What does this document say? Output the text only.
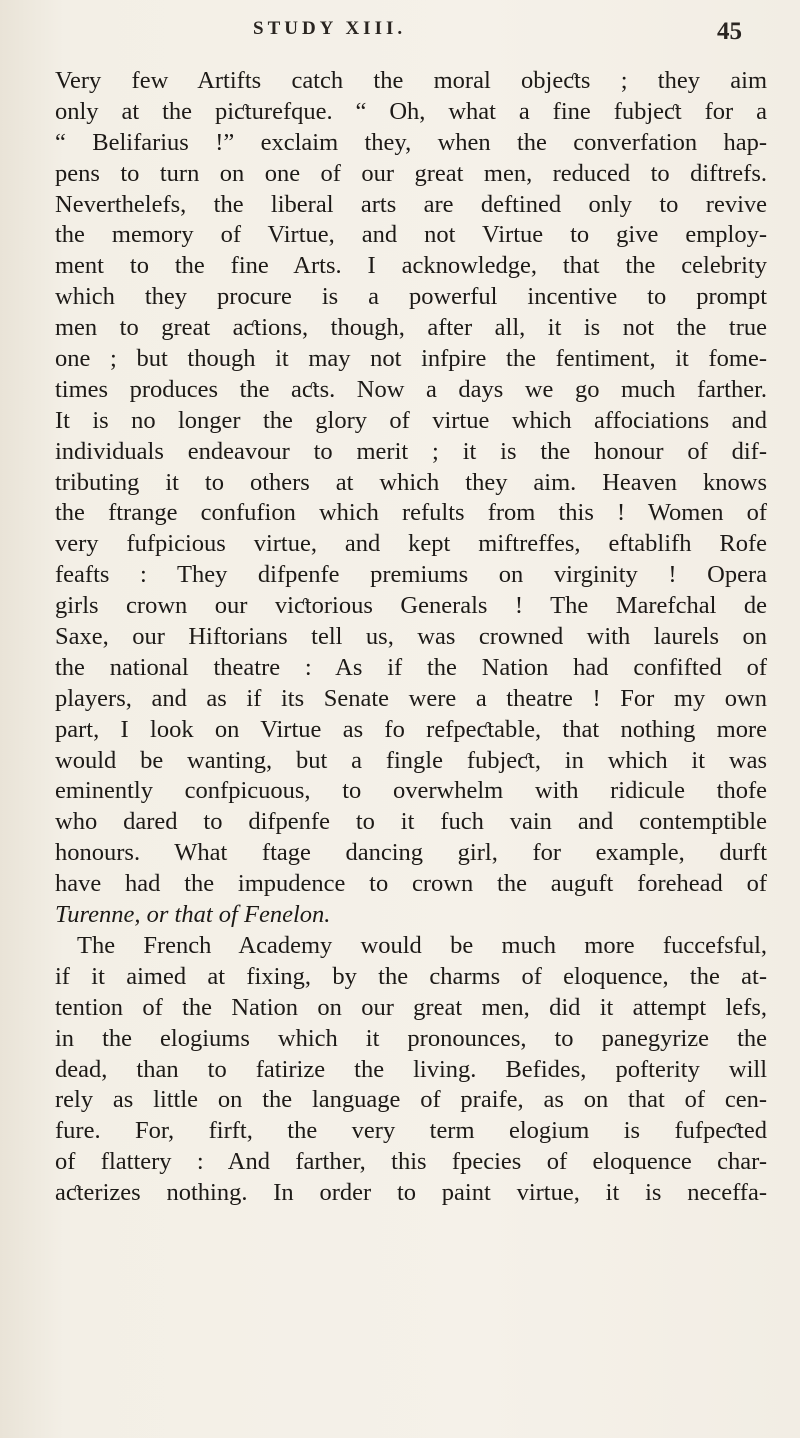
STUDY XIII.	45
Very few Artifts catch the moral objeƈts ; they aim
only at the piƈturefque. “ Oh, what a fine fubjeƈt for a
“ Belifarius !” exclaim they, when the converfation hap-
pens to turn on one of our great men, reduced to diftrefs.
Neverthelefs, the liberal arts are deftined only to revive
the memory of Virtue, and not Virtue to give employ-
ment to the fine Arts. I acknowledge, that the celebrity
which they procure is a powerful incentive to prompt
men to great aƈtions, though, after all, it is not the true
one ; but though it may not infpire the fentiment, it fome-
times produces the aƈts. Now a days we go much farther.
It is no longer the glory of virtue which affociations and
individuals endeavour to merit ; it is the honour of dif-
tributing it to others at which they aim. Heaven knows
the ftrange confufion which refults from this ! Women of
very fufpicious virtue, and kept miftreffes, eftablifh Rofe
feafts : They difpenfe premiums on virginity ! Opera
girls crown our viƈtorious Generals ! The Marefchal de
Saxe, our Hiftorians tell us, was crowned with laurels on
the national theatre : As if the Nation had confifted of
players, and as if its Senate were a theatre ! For my own
part, I look on Virtue as fo refpeƈtable, that nothing more
would be wanting, but a fingle fubjeƈt, in which it was
eminently confpicuous, to overwhelm with ridicule thofe
who dared to difpenfe to it fuch vain and contemptible
honours. What ftage dancing girl, for example, durft
have had the impudence to crown the auguft forehead of
Turenne, or that of Fenelon.
The French Academy would be much more fuccefsful,
if it aimed at fixing, by the charms of eloquence, the at-
tention of the Nation on our great men, did it attempt lefs,
in the elogiums which it pronounces, to panegyrize the
dead, than to fatirize the living. Befides, pofterity will
rely as little on the language of praife, as on that of cen-
fure. For, firft, the very term elogium is fufpeƈted
of flattery : And farther, this fpecies of eloquence char-
aƈterizes nothing. In order to paint virtue, it is neceffa-
